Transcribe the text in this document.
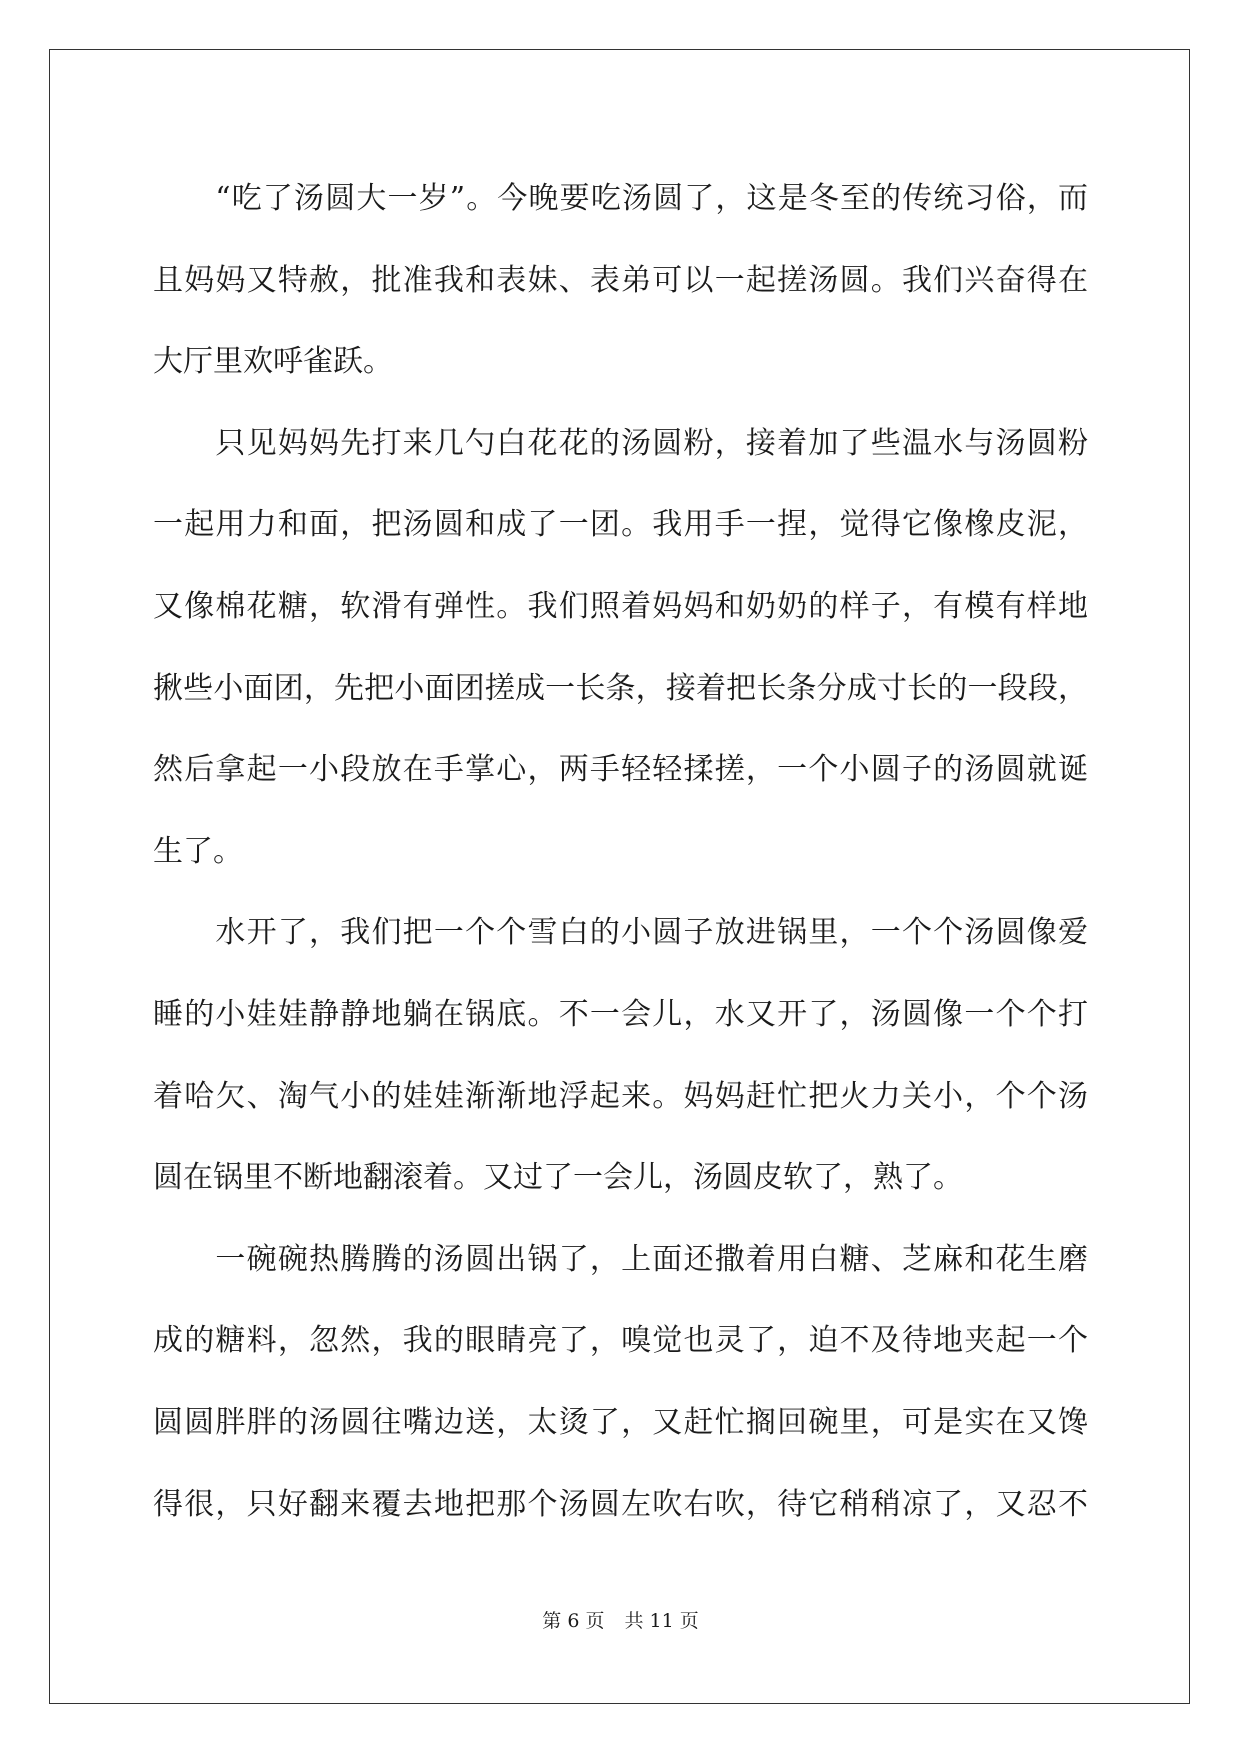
　　“吃了汤圆大一岁”。今晚要吃汤圆了，这是冬至的传统习俗，而
且妈妈又特赦，批准我和表妹、表弟可以一起搓汤圆。我们兴奋得在
大厅里欢呼雀跃。
　　只见妈妈先打来几勺白花花的汤圆粉，接着加了些温水与汤圆粉
一起用力和面，把汤圆和成了一团。我用手一捏，觉得它像橡皮泥，
又像棉花糖，软滑有弹性。我们照着妈妈和奶奶的样子，有模有样地
揪些小面团，先把小面团搓成一长条，接着把长条分成寸长的一段段，
然后拿起一小段放在手掌心，两手轻轻揉搓，一个小圆子的汤圆就诞
生了。
　　水开了，我们把一个个雪白的小圆子放进锅里，一个个汤圆像爱
睡的小娃娃静静地躺在锅底。不一会儿，水又开了，汤圆像一个个打
着哈欠、淘气小的娃娃渐渐地浮起来。妈妈赶忙把火力关小，个个汤
圆在锅里不断地翻滚着。又过了一会儿，汤圆皮软了，熟了。
　　一碗碗热腾腾的汤圆出锅了，上面还撒着用白糖、芝麻和花生磨
成的糖料，忽然，我的眼睛亮了，嗅觉也灵了，迫不及待地夹起一个
圆圆胖胖的汤圆往嘴边送，太烫了，又赶忙搁回碗里，可是实在又馋
得很，只好翻来覆去地把那个汤圆左吹右吹，待它稍稍凉了，又忍不
第 6 页 共 11 页
